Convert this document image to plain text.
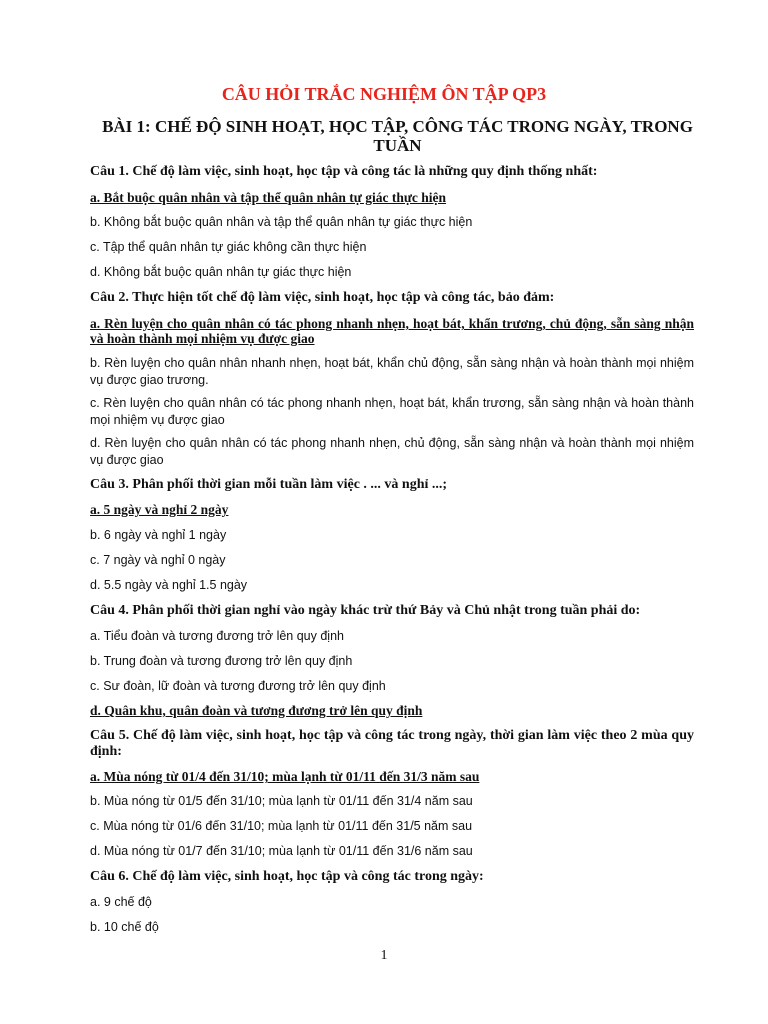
CÂU HỎI TRẮC NGHIỆM ÔN TẬP QP3
BÀI 1: CHẾ ĐỘ SINH HOẠT, HỌC TẬP, CÔNG TÁC TRONG NGÀY, TRONG TUẦN
Câu 1. Chế độ làm việc, sinh hoạt, học tập và công tác là những quy định thống nhất:
a. Bắt buộc quân nhân và tập thể quân nhân tự giác thực hiện
b. Không bắt buộc quân nhân và tập thể quân nhân tự giác thực hiện
c. Tập thể quân nhân tự giác không cần thực hiện
d. Không bắt buộc quân nhân tự giác thực hiện
Câu 2. Thực hiện tốt chế độ làm việc, sinh hoạt, học tập và công tác, bảo đảm:
a. Rèn luyện cho quân nhân có tác phong nhanh nhẹn, hoạt bát, khẩn trương, chủ động, sẵn sàng nhận và hoàn thành mọi nhiệm vụ được giao
b. Rèn luyện cho quân nhân nhanh nhẹn, hoạt bát, khẩn chủ động, sẵn sàng nhận và hoàn thành mọi nhiệm vụ được giao trương.
c. Rèn luyện cho quân nhân có tác phong nhanh nhẹn, hoạt bát, khẩn trương, sẵn sàng nhận và hoàn thành mọi nhiệm vụ được giao
d. Rèn luyện cho quân nhân có tác phong nhanh nhẹn, chủ động, sẵn sàng nhận và hoàn thành mọi nhiệm vụ được giao
Câu 3. Phân phối thời gian mỗi tuần làm việc . ... và nghỉ ...;
a. 5 ngày và nghỉ 2 ngày
b. 6 ngày và nghỉ 1 ngày
c. 7 ngày và nghỉ 0 ngày
d. 5.5 ngày và nghỉ 1.5 ngày
Câu 4. Phân phối thời gian nghỉ vào ngày khác trừ thứ Bảy và Chủ nhật trong tuần phải do:
a. Tiểu đoàn và tương đương trở lên quy định
b. Trung đoàn và tương đương trở lên quy định
c. Sư đoàn, lữ đoàn và tương đương trở lên quy định
d. Quân khu, quân đoàn và tương đương trở lên quy định
Câu 5. Chế độ làm việc, sinh hoạt, học tập và công tác trong ngày, thời gian làm việc theo 2 mùa quy định:
a. Mùa nóng từ 01/4 đến 31/10; mùa lạnh từ 01/11 đến 31/3 năm sau
b. Mùa nóng từ 01/5 đến 31/10; mùa lạnh từ 01/11 đến 31/4 năm sau
c. Mùa nóng từ 01/6 đến 31/10; mùa lạnh từ 01/11 đến 31/5 năm sau
d. Mùa nóng từ 01/7 đến 31/10; mùa lạnh từ 01/11 đến 31/6 năm sau
Câu 6. Chế độ làm việc, sinh hoạt, học tập và công tác trong ngày:
a. 9 chế độ
b. 10 chế độ
1
